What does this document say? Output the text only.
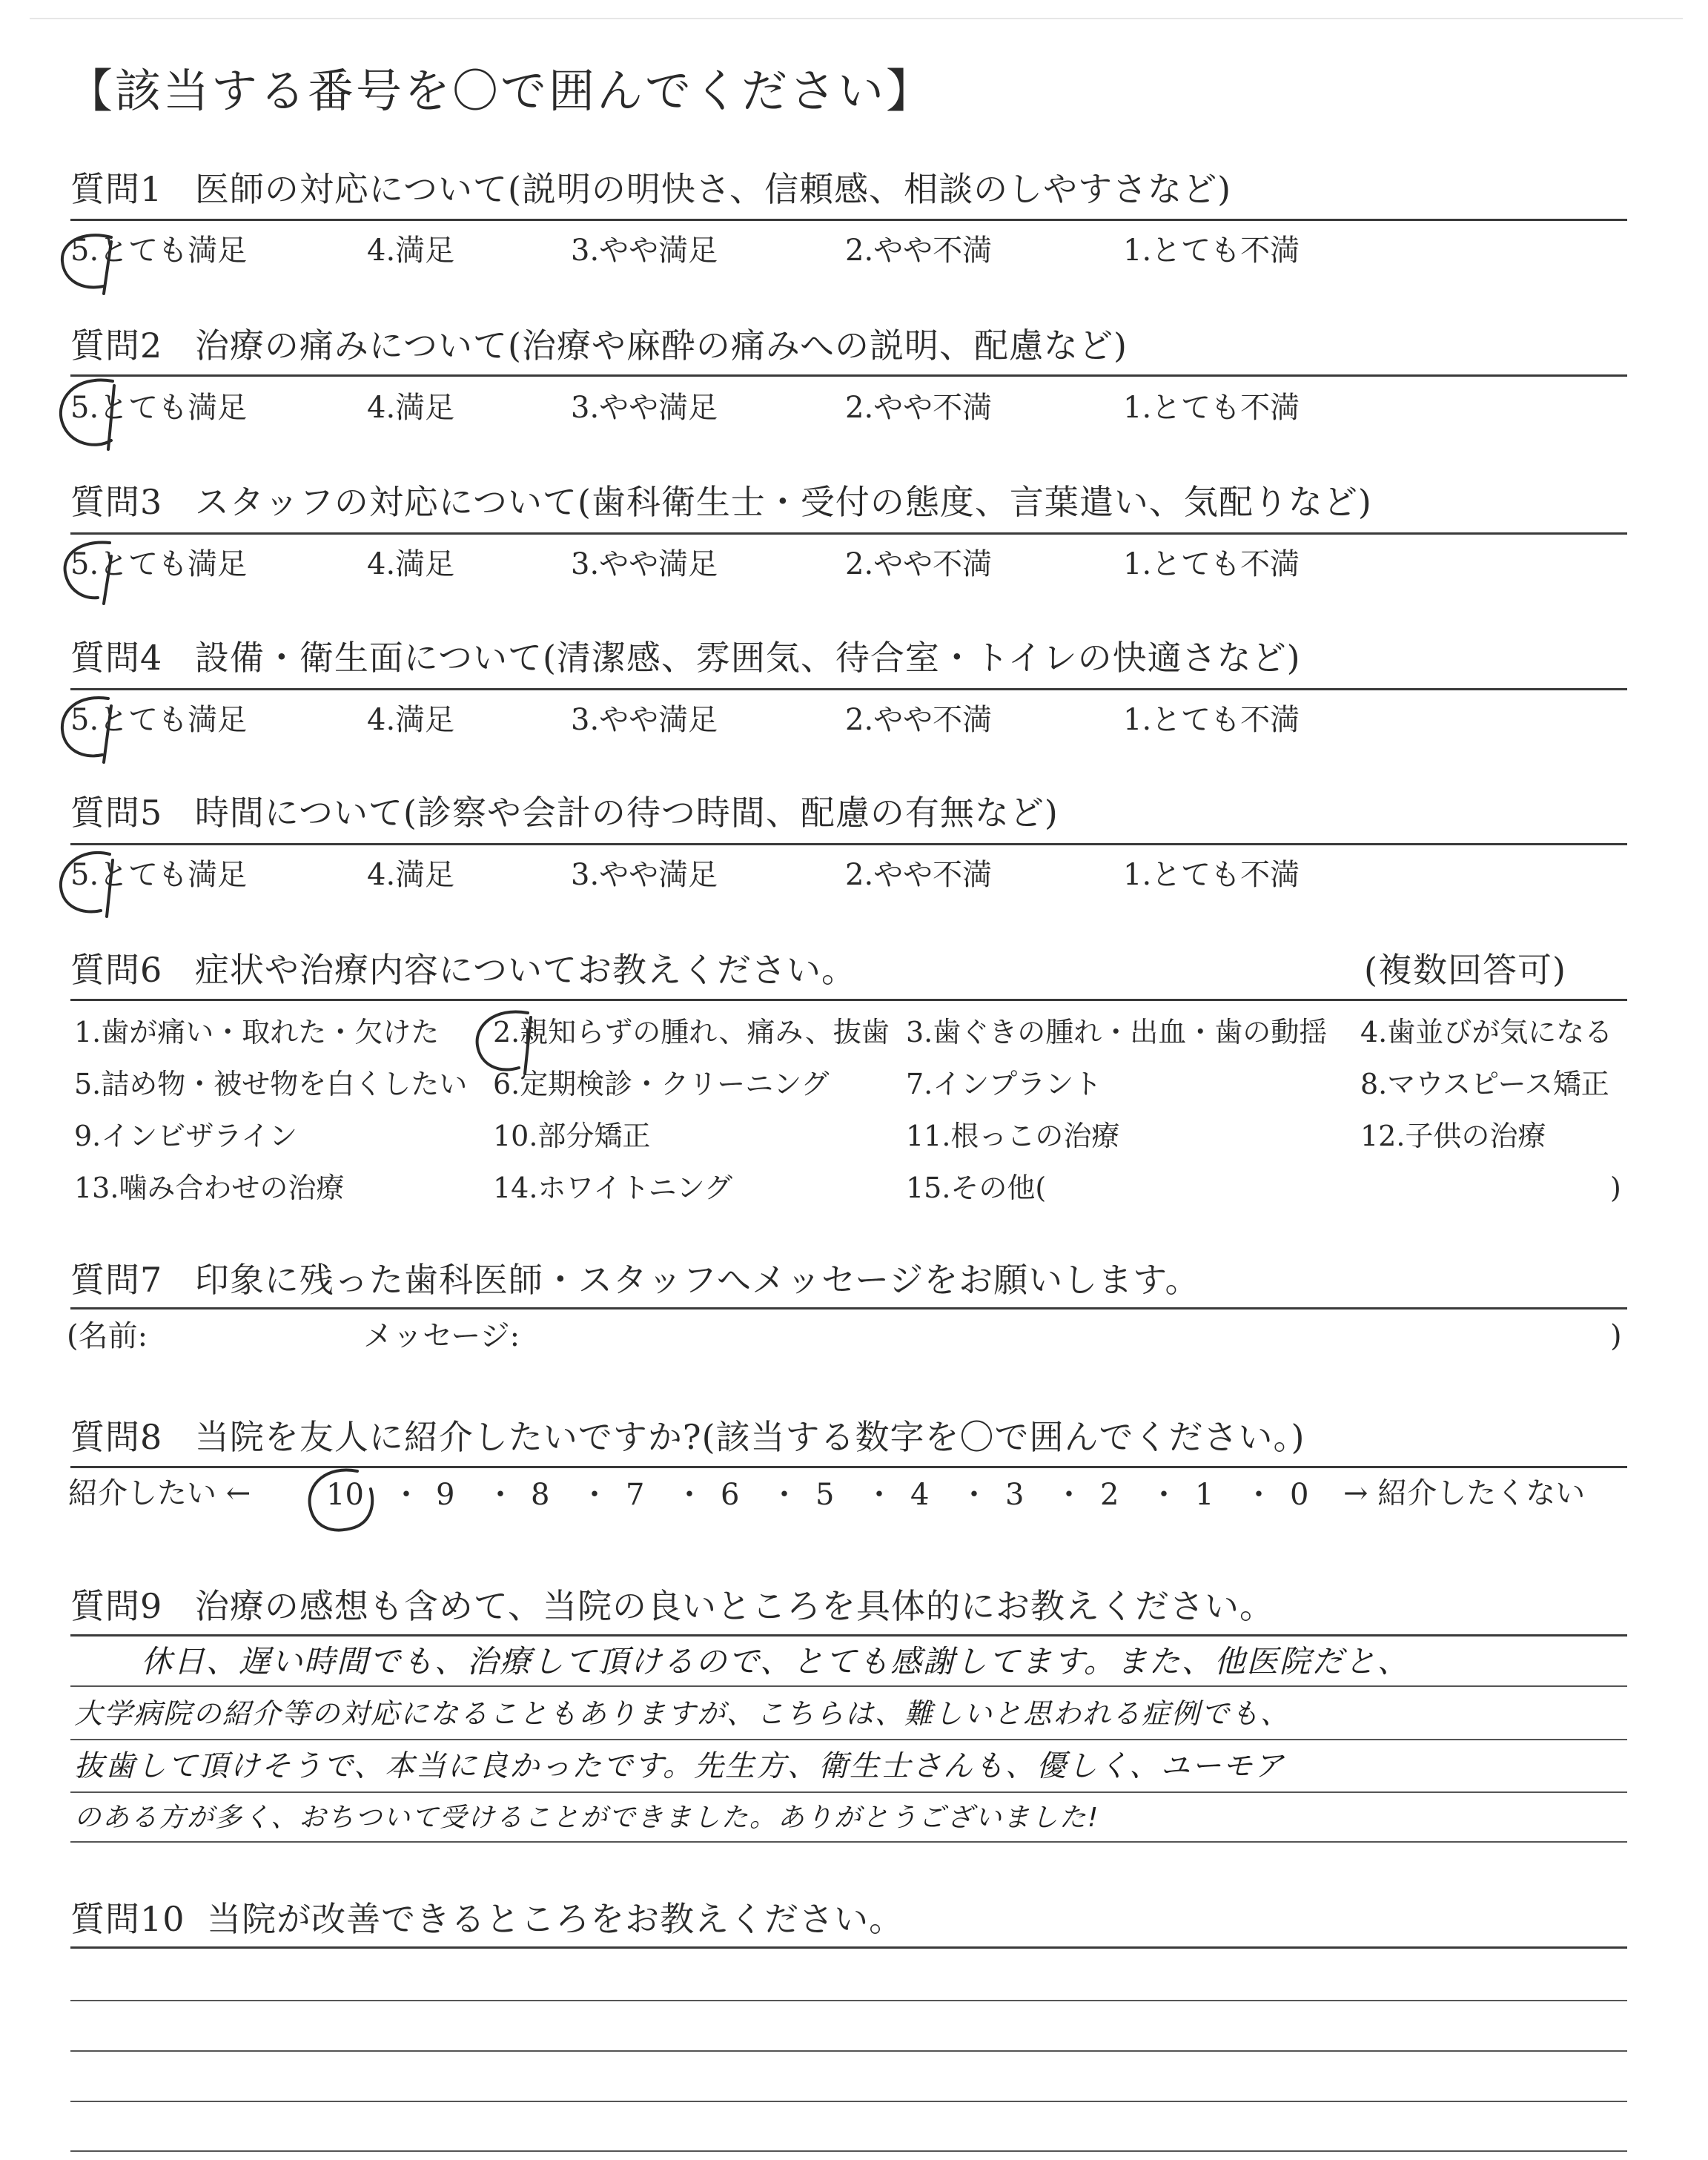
【該当する番号を〇で囲んでください】
質問1 医師の対応について(説明の明快さ、信頼感、相談のしやすさなど)
5.とても満足	4.満足	3.やや満足	2.やや不満	1.とても不満
質問2 治療の痛みについて(治療や麻酔の痛みへの説明、配慮など)
5.とても満足	4.満足	3.やや満足	2.やや不満	1.とても不満
質問3 スタッフの対応について(歯科衛生士・受付の態度、言葉遣い、気配りなど)
5.とても満足	4.満足	3.やや満足	2.やや不満	1.とても不満
質問4 設備・衛生面について(清潔感、雰囲気、待合室・トイレの快適さなど)
5.とても満足	4.満足	3.やや満足	2.やや不満	1.とても不満
質問5 時間について(診察や会計の待つ時間、配慮の有無など)
5.とても満足	4.満足	3.やや満足	2.やや不満	1.とても不満
質問6 症状や治療内容についてお教えください。	(複数回答可)
1.歯が痛い・取れた・欠けた 2.親知らずの腫れ、痛み、抜歯 3.歯ぐきの腫れ・出血・歯の動揺 4.歯並びが気になる
5.詰め物・被せ物を白くしたい 6.定期検診・クリーニング	7.インプラント	8.マウスピース矯正
9.インビザライン	10.部分矯正	11.根っこの治療	12.子供の治療
13.噛み合わせの治療	14.ホワイトニング	15.その他(	)
質問7 印象に残った歯科医師・スタッフへメッセージをお願いします。
(名前:	メッセージ:	)
質問8 当院を友人に紹介したいですか?(該当する数字を〇で囲んでください。)
紹介したい ←	→ 紹介したくない
10 ・ 9 ・ 8 ・ 7 ・ 6 ・ 5 ・ 4 ・ 3 ・ 2 ・ 1 ・ 0
質問9 治療の感想も含めて、当院の良いところを具体的にお教えください。
休日、遅い時間でも、治療して頂けるので、とても感謝してます。また、他医院だと、
大学病院の紹介等の対応になることもありますが、こちらは、難しいと思われる症例でも、
抜歯して頂けそうで、本当に良かったです。先生方、衛生士さんも、優しく、ユーモア
のある方が多く、おちついて受けることができました。ありがとうございました!
質問10 当院が改善できるところをお教えください。
